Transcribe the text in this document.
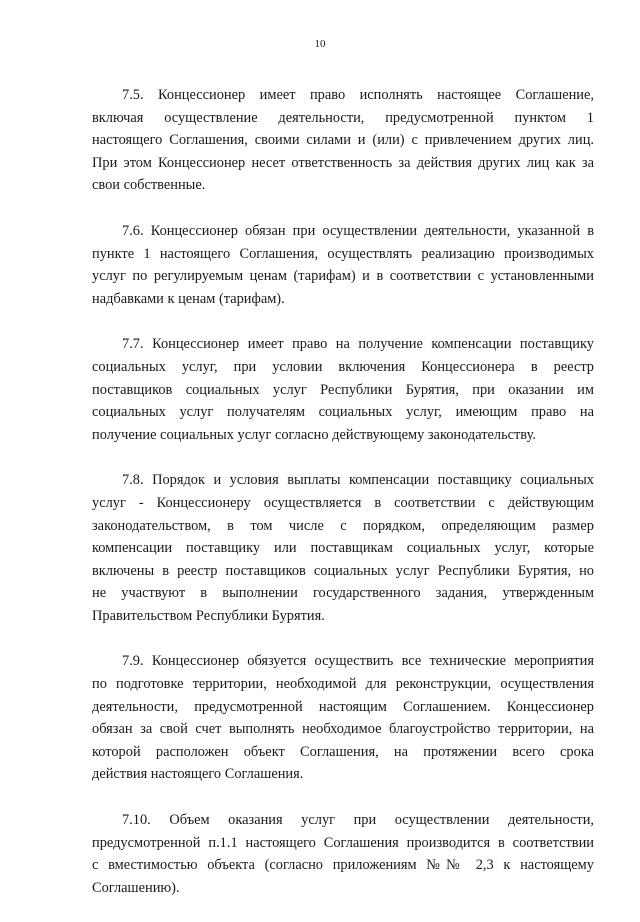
10

7.5. Концессионер имеет право исполнять настоящее Соглашение,
включая осуществление деятельности, предусмотренной пунктом 1
настоящего Соглашения, своими силами и (или) с привлечением других лиц.
При этом Концессионер несет ответственность за действия других лиц как за
свои собственные.

7.6. Концессионер обязан при осуществлении деятельности, указанной в
пункте 1 настоящего Соглашения, осуществлять реализацию производимых
услуг по регулируемым ценам (тарифам) и в соответствии с установленными
надбавками к ценам (тарифам).

7.7. Концессионер имеет право на получение компенсации поставщику
социальных услуг, при условии включения Концессионера в реестр
поставщиков социальных услуг Республики Бурятия, при оказании им
социальных услуг получателям социальных услуг, имеющим право на
получение социальных услуг согласно действующему законодательству.

7.8. Порядок и условия выплаты компенсации поставщику социальных
услуг - Концессионеру осуществляется в соответствии с действующим
законодательством, в том числе с порядком, определяющим размер
компенсации поставщику или поставщикам социальных услуг, которые
включены в реестр поставщиков социальных услуг Республики Бурятия, но
не участвуют в выполнении государственного задания, утвержденным
Правительством Республики Бурятия.

7.9. Концессионер обязуется осуществить все технические мероприятия
по подготовке территории, необходимой для реконструкции, осуществления
деятельности, предусмотренной настоящим Соглашением. Концессионер
обязан за свой счет выполнять необходимое благоустройство территории, на
которой расположен объект Соглашения, на протяжении всего срока
действия настоящего Соглашения.

7.10. Объем оказания услуг при осуществлении деятельности,
предусмотренной п.1.1 настоящего Соглашения производится в соответствии
с вместимостью объекта (согласно приложениям №№ 2,3 к настоящему
Соглашению).
